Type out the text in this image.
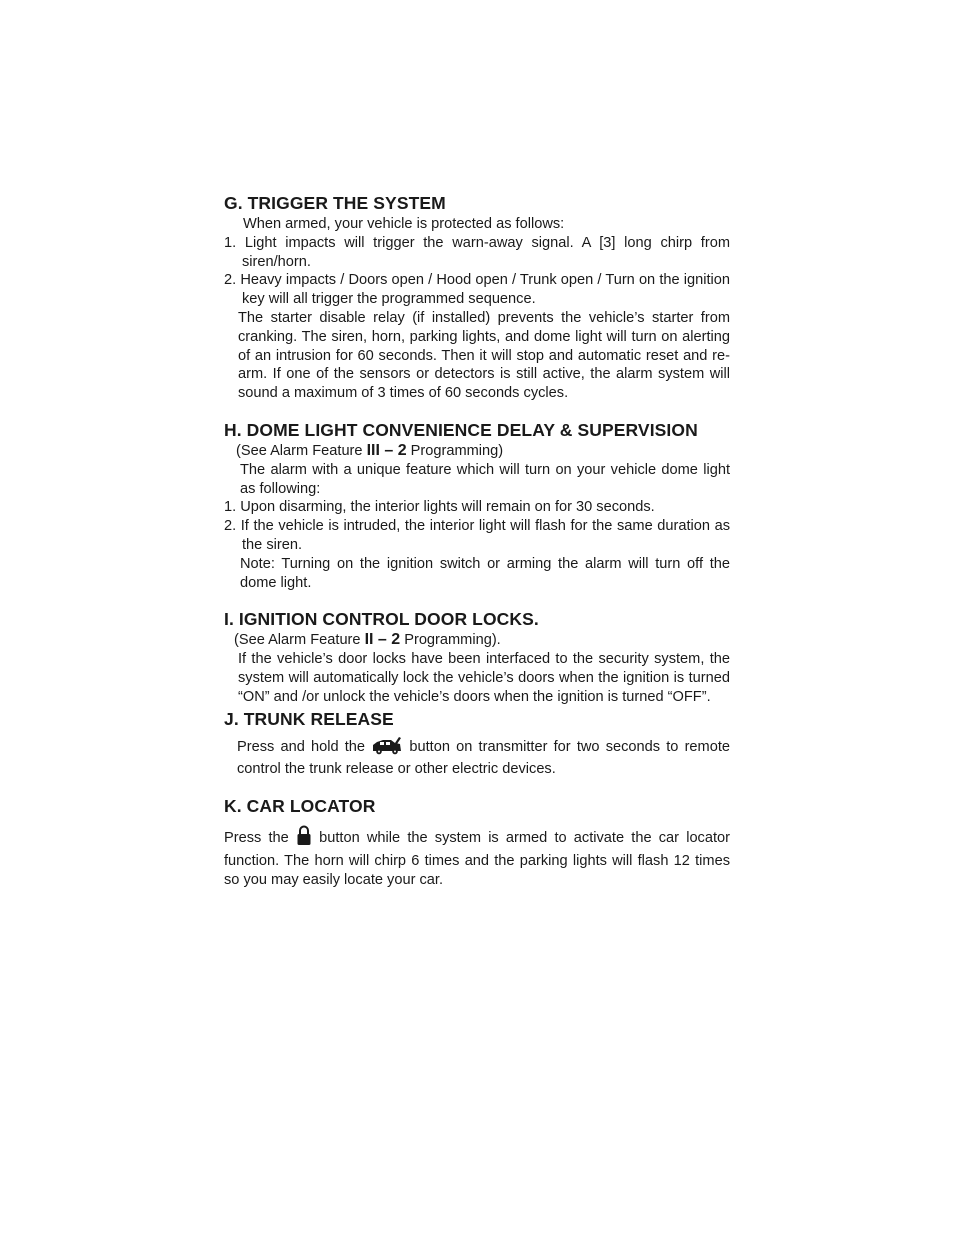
G. TRIGGER THE SYSTEM

When armed, your vehicle is protected as follows:

1. Light impacts will trigger the warn-away signal. A [3] long chirp from siren/horn.

2. Heavy impacts / Doors open / Hood open / Trunk open / Turn on the ignition key will all trigger the programmed sequence.

The starter disable relay (if installed) prevents the vehicle’s starter from cranking. The siren, horn, parking lights, and dome light will turn on alerting of an intrusion for 60 seconds. Then it will stop and automatic reset and re-arm. If one of the sensors or detectors is still active, the alarm system will sound a maximum of 3 times of 60 seconds cycles.

H. DOME LIGHT CONVENIENCE DELAY & SUPERVISION

(See Alarm Feature III – 2 Programming)

The alarm with a unique feature which will turn on your vehicle dome light as following:

1. Upon disarming, the interior lights will remain on for 30 seconds.

2. If the vehicle is intruded, the interior light will flash for the same duration as the siren.

Note: Turning on the ignition switch or arming the alarm will turn off the dome light.

I. IGNITION CONTROL DOOR LOCKS.

(See Alarm Feature II – 2 Programming).

If the vehicle’s door locks have been interfaced to the security system, the system will automatically lock the vehicle’s doors when the ignition is turned “ON” and /or unlock the vehicle’s doors when the ignition is turned “OFF”.

J. TRUNK RELEASE

Press and hold the  button on transmitter for two seconds to remote control the trunk release or other electric devices.

K. CAR LOCATOR

Press the  button while the system is armed to activate the car locator function. The horn will chirp 6 times and the parking lights will flash 12 times so you may easily locate your car.
